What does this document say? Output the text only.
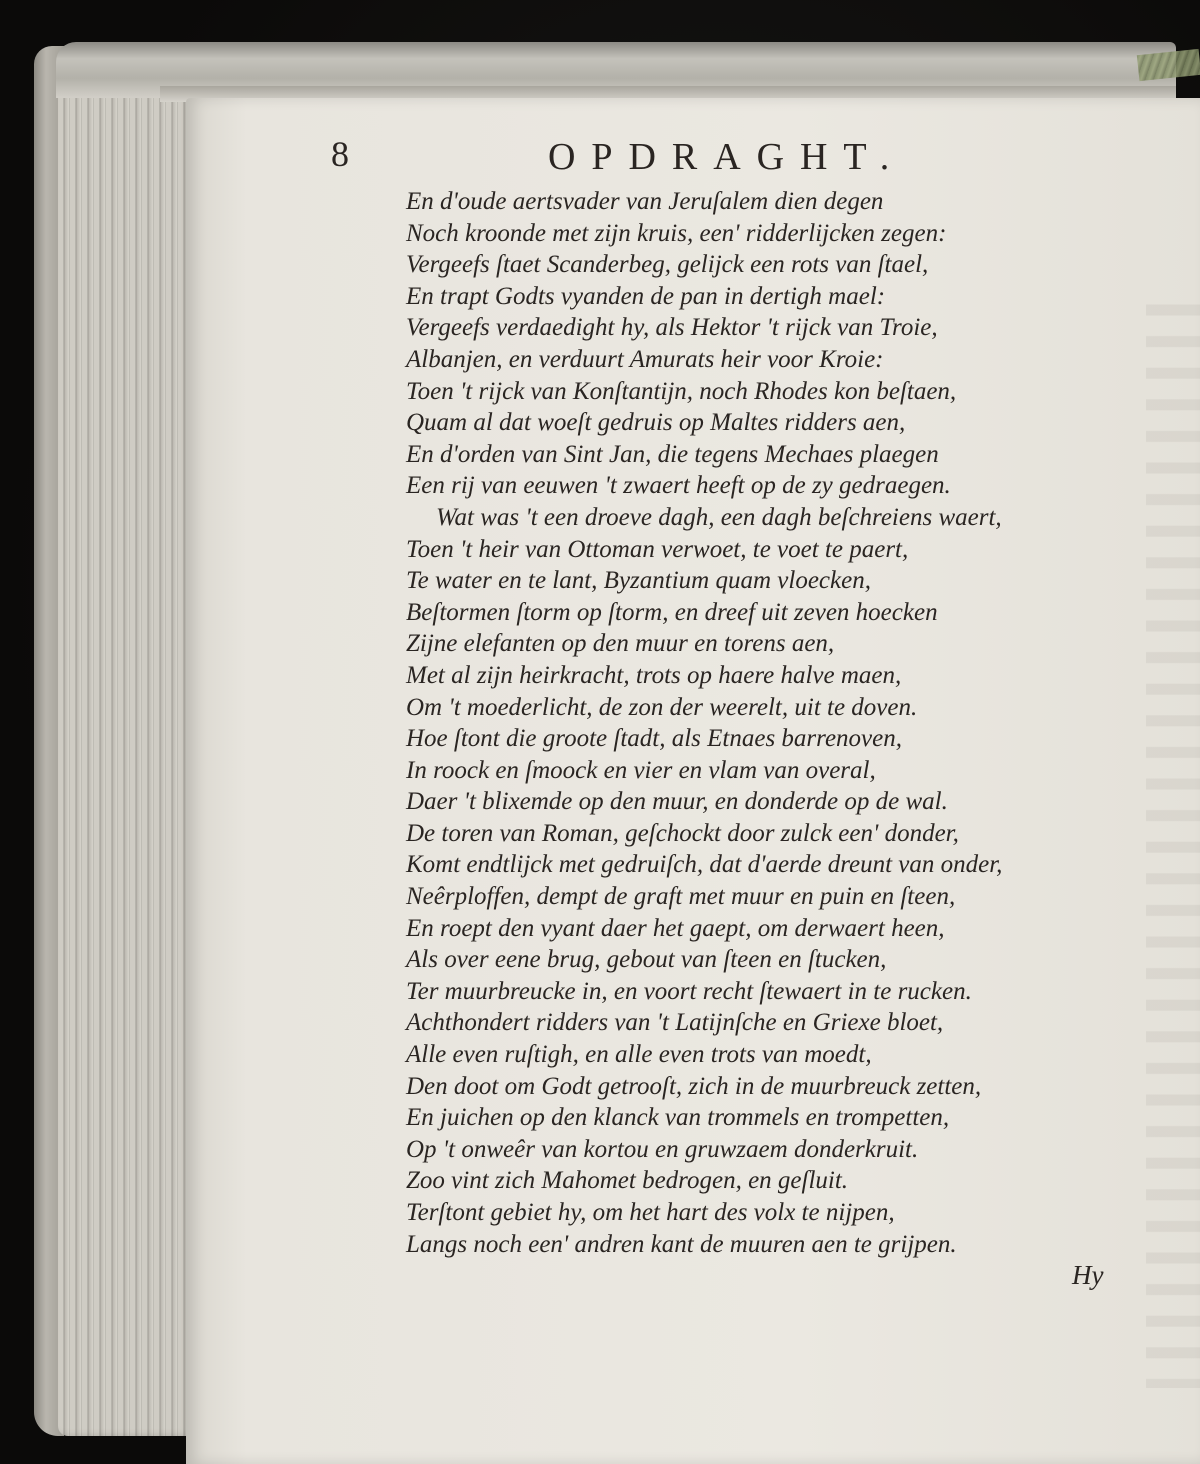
8	OPDRAGHT.
En d'oude aertsvader van Jeruſalem dien degen
Noch kroonde met zijn kruis, een' ridderlijcken zegen:
Vergeefs ſtaet Scanderbeg, gelijck een rots van ſtael,
En trapt Godts vyanden de pan in dertigh mael:
Vergeefs verdaedight hy, als Hektor 't rijck van Troie,
Albanjen, en verduurt Amurats heir voor Kroie:
Toen 't rijck van Konſtantijn, noch Rhodes kon beſtaen,
Quam al dat woeſt gedruis op Maltes ridders aen,
En d'orden van Sint Jan, die tegens Mechaes plaegen
Een rij van eeuwen 't zwaert heeft op de zy gedraegen.
Wat was 't een droeve dagh, een dagh beſchreiens waert,
Toen 't heir van Ottoman verwoet, te voet te paert,
Te water en te lant, Byzantium quam vloecken,
Beſtormen ſtorm op ſtorm, en dreef uit zeven hoecken
Zijne elefanten op den muur en torens aen,
Met al zijn heirkracht, trots op haere halve maen,
Om 't moederlicht, de zon der weerelt, uit te doven.
Hoe ſtont die groote ſtadt, als Etnaes barrenoven,
In roock en ſmoock en vier en vlam van overal,
Daer 't blixemde op den muur, en donderde op de wal.
De toren van Roman, geſchockt door zulck een' donder,
Komt endtlijck met gedruiſch, dat d'aerde dreunt van onder,
Neêrploffen, dempt de graft met muur en puin en ſteen,
En roept den vyant daer het gaept, om derwaert heen,
Als over eene brug, gebout van ſteen en ſtucken,
Ter muurbreucke in, en voort recht ſtewaert in te rucken.
Achthondert ridders van 't Latijnſche en Griexe bloet,
Alle even ruſtigh, en alle even trots van moedt,
Den doot om Godt getrooſt, zich in de muurbreuck zetten,
En juichen op den klanck van trommels en trompetten,
Op 't onweêr van kortou en gruwzaem donderkruit.
Zoo vint zich Mahomet bedrogen, en geſluit.
Terſtont gebiet hy, om het hart des volx te nijpen,
Langs noch een' andren kant de muuren aen te grijpen.
Hy
